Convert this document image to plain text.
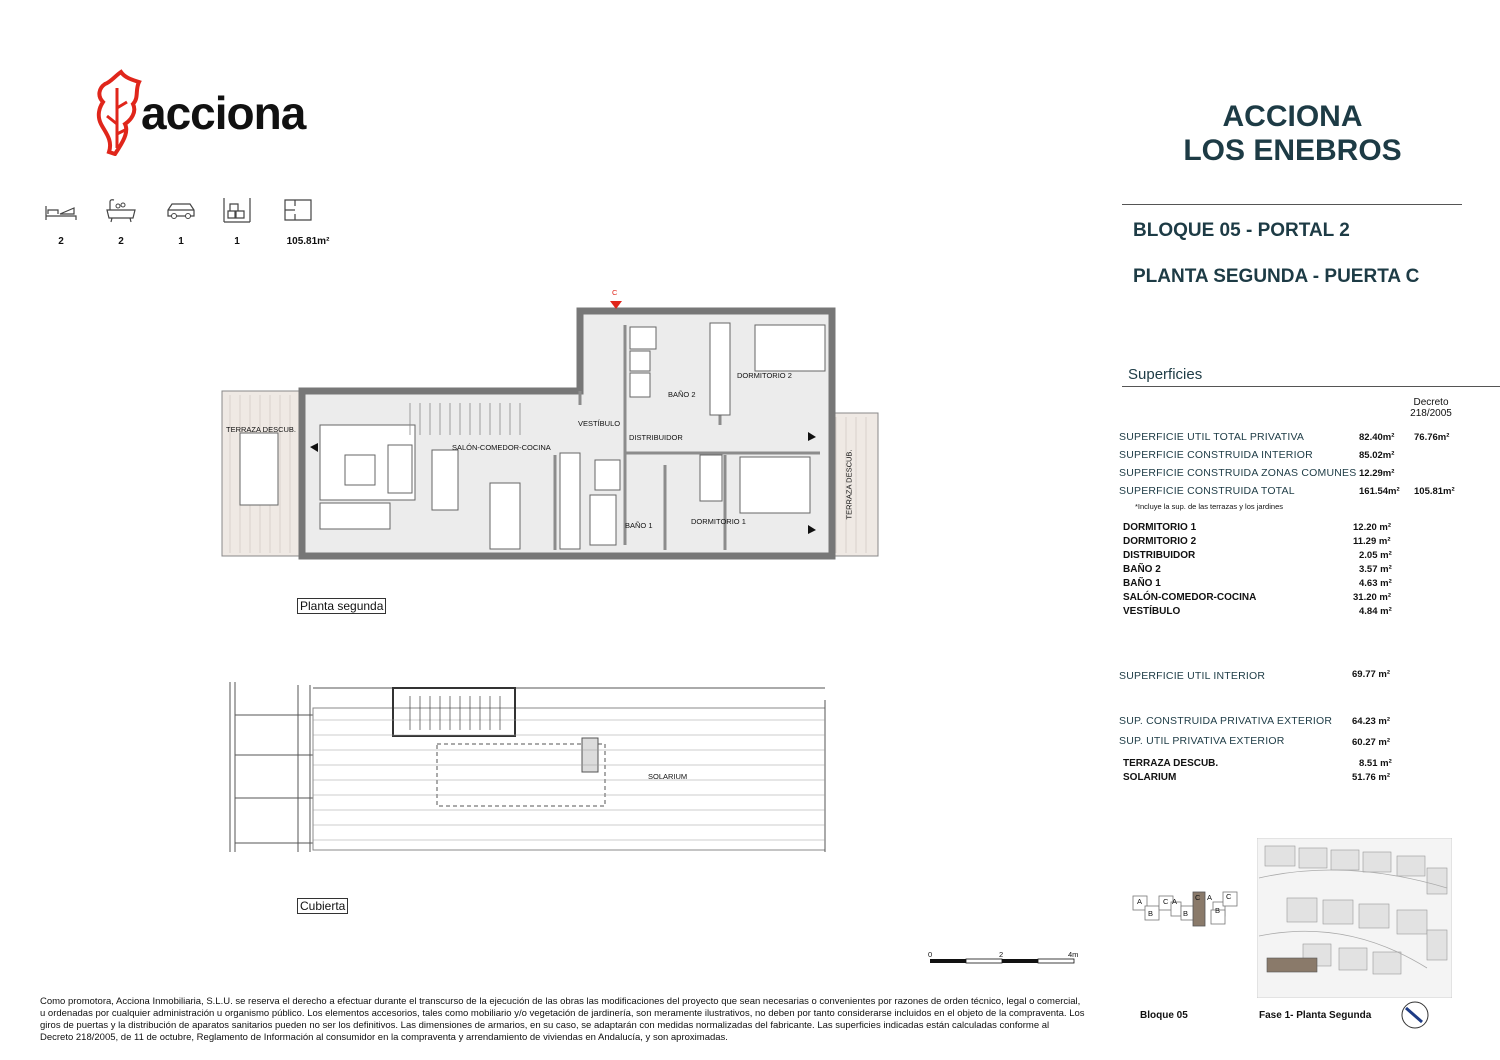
acciona	ACCIONA
LOS ENEBROS
BLOQUE 05 - PORTAL 2
PLANTA SEGUNDA - PUERTA C
2	2	1	1	105.81m²
C
TERRAZA DESCUB.
TERRAZA DESCUB.
SALÓN-COMEDOR-COCINA
VESTÍBULO
DISTRIBUIDOR
BAÑO 2
DORMITORIO 2
BAÑO 1	DORMITORIO 1
Planta segunda
SOLARIUM
Cubierta
0	2	4m
Superficies
Decreto
218/2005
SUPERFICIE UTIL TOTAL PRIVATIVA	82.40m² 76.76m²
SUPERFICIE CONSTRUIDA INTERIOR	85.02m²
SUPERFICIE CONSTRUIDA ZONAS COMUNES 12.29m²
SUPERFICIE CONSTRUIDA TOTAL	161.54m² 105.81m²
*Incluye la sup. de las terrazas y los jardines
DORMITORIO 1	12.20 m²
DORMITORIO 2	11.29 m²
DISTRIBUIDOR	2.05 m²
BAÑO 2	3.57 m²
BAÑO 1	4.63 m²
SALÓN-COMEDOR-COCINA	31.20 m²
VESTÍBULO	4.84 m²
SUPERFICIE UTIL INTERIOR	69.77 m²
SUP. CONSTRUIDA PRIVATIVA EXTERIOR 64.23 m²
SUP. UTIL PRIVATIVA EXTERIOR	60.27 m²
TERRAZA DESCUB.	8.51 m²
SOLARIUM	51.76 m²
A	C A C A C
B	B	B
Bloque 05	Fase 1- Planta Segunda
Como promotora, Acciona Inmobiliaria, S.L.U. se reserva el derecho a efectuar durante el transcurso de la ejecución de las obras las modificaciones del proyecto que sean necesarias o convenientes por razones de orden técnico, legal o comercial, u ordenadas por cualquier administración u organismo público. Los elementos accesorios, tales como mobiliario y/o vegetación de jardinería, son meramente ilustrativos, no deben por tanto considerarse incluidos en el objeto de la compraventa. Los giros de puertas y la distribución de aparatos sanitarios pueden no ser los definitivos. Las dimensiones de armarios, en su caso, se adaptarán con medidas normalizadas del fabricante. Las superficies indicadas están calculadas conforme al Decreto 218/2005, de 11 de octubre, Reglamento de Información al consumidor en la compraventa y arrendamiento de viviendas en Andalucía, y son aproximadas.
